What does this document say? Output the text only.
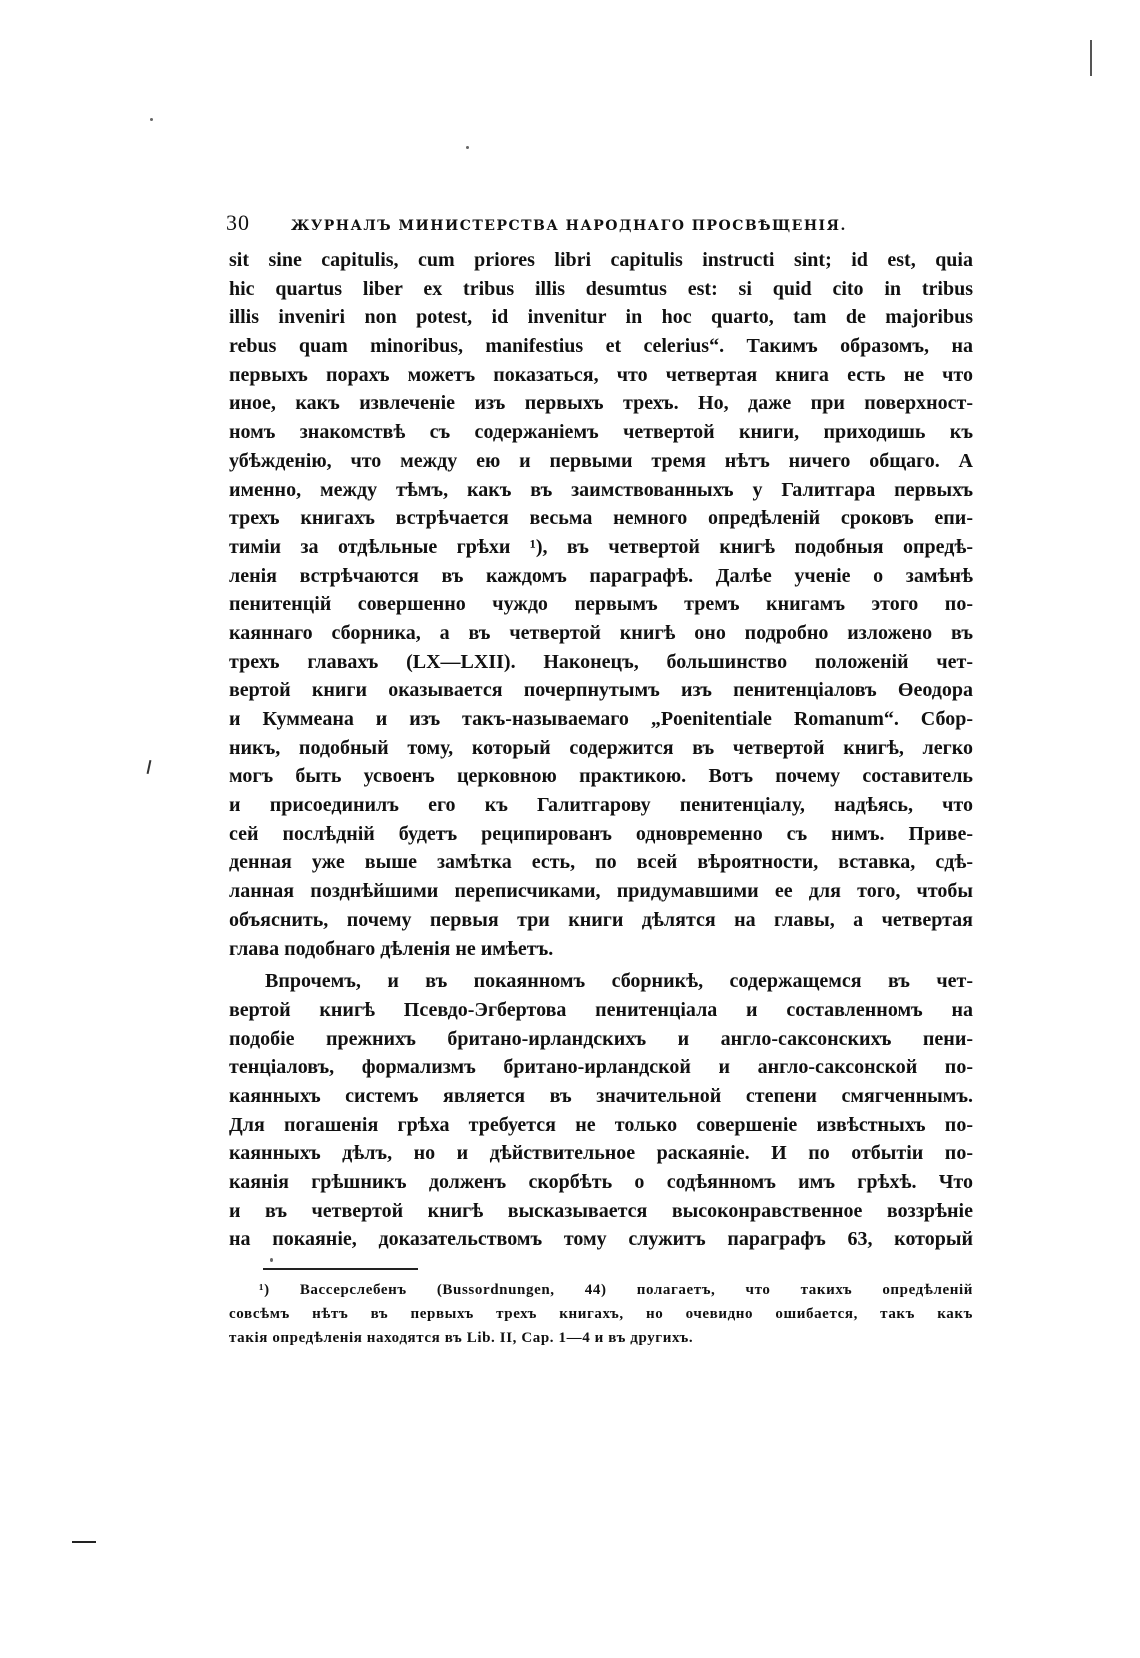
30	ЖУРНАЛЪ МИНИСТЕРСТВА НАРОДНАГО ПРОСВѢЩЕНІЯ.
sit sine capitulis, cum priores libri capitulis instructi sint; id est, quia
hic quartus liber ex tribus illis desumtus est: si quid cito in tribus
illis inveniri non potest, id invenitur in hoc quarto, tam de majoribus
rebus quam minoribus, manifestius et celerius“. Такимъ образомъ, на
первыхъ порахъ можетъ показаться, что четвертая книга есть не что
иное, какъ извлеченіе изъ первыхъ трехъ. Но, даже при поверхност-
номъ знакомствѣ съ содержаніемъ четвертой книги, приходишь къ
убѣжденію, что между ею и первыми тремя нѣтъ ничего общаго. А
именно, между тѣмъ, какъ въ заимствованныхъ у Галитгара первыхъ
трехъ книгахъ встрѣчается весьма немного опредѣленій сроковъ епи-
тиміи за отдѣльные грѣхи ¹), въ четвертой книгѣ подобныя опредѣ-
ленія встрѣчаются въ каждомъ параграфѣ. Далѣе ученіе о замѣнѣ
пенитенцій совершенно чуждо первымъ тремъ книгамъ этого по-
каяннаго сборника, а въ четвертой книгѣ оно подробно изложено въ
трехъ главахъ (LX—LXII). Наконецъ, большинство положеній чет-
вертой книги оказывается почерпнутымъ изъ пенитенціаловъ Өеодора
и Куммеана и изъ такъ-называемаго „Poenitentiale Romanum“. Сбор-
никъ, подобный тому, который содержится въ четвертой книгѣ, легко
могъ быть усвоенъ церковною практикою. Вотъ почему составитель
и присоединилъ его къ Галитгарову пенитенціалу, надѣясь, что
сей послѣдній будетъ реципированъ одновременно съ нимъ. Приве-
денная уже выше замѣтка есть, по всей вѣроятности, вставка, сдѣ-
ланная позднѣйшими переписчиками, придумавшими ее для того, чтобы
объяснить, почему первыя три книги дѣлятся на главы, а четвертая
глава подобнаго дѣленія не имѣетъ.
Впрочемъ, и въ покаянномъ сборникѣ, содержащемся въ чет-
вертой книгѣ Псевдо-Эгбертова пенитенціала и составленномъ на
подобіе прежнихъ британо-ирландскихъ и англо-саксонскихъ пени-
тенціаловъ, формализмъ британо-ирландской и англо-саксонской по-
каянныхъ системъ является въ значительной степени смягченнымъ.
Для погашенія грѣха требуется не только совершеніе извѣстныхъ по-
каянныхъ дѣлъ, но и дѣйствительное раскаяніе. И по отбытіи по-
каянія грѣшникъ долженъ скорбѣть о содѣянномъ имъ грѣхѣ. Что
и въ четвертой книгѣ высказывается высоконравственное воззрѣніе
на покаяніе, доказательствомъ тому служитъ параграфъ 63, который
¹) Вассерслебенъ (Bussordnungen, 44) полагаетъ, что такихъ опредѣленій
совсѣмъ нѣтъ въ первыхъ трехъ книгахъ, но очевидно ошибается, такъ какъ
такія опредѣленія находятся въ Lib. II, Cap. 1—4 и въ другихъ.
